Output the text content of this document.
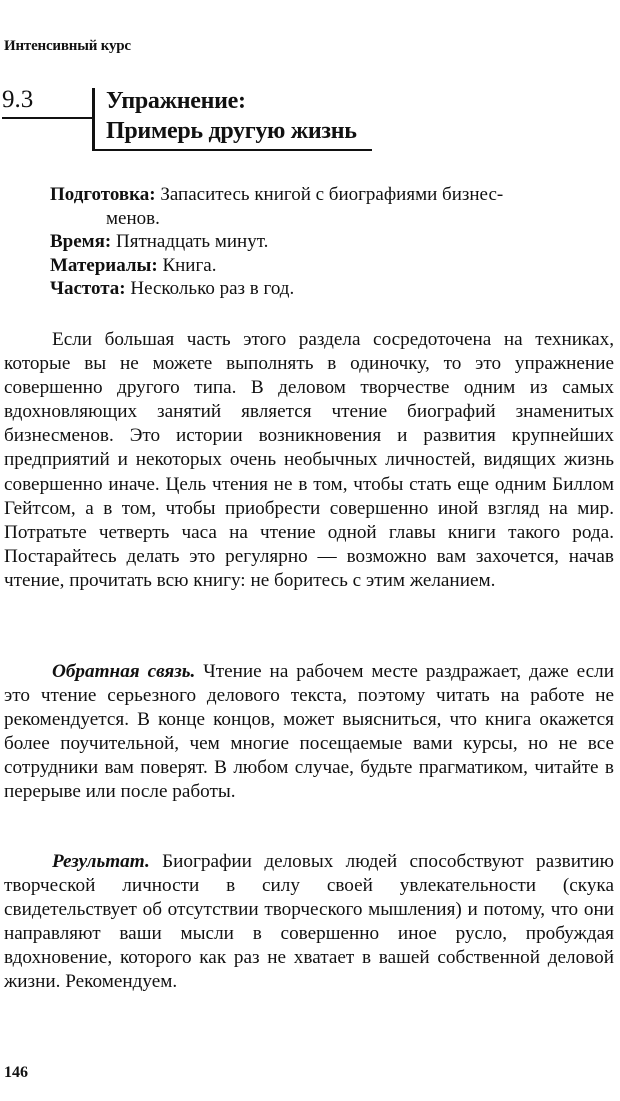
Интенсивный курс
9.3	Упражнение:
Примерь другую жизнь
Подготовка: Запаситесь книгой с биографиями бизнес-
менов.
Время: Пятнадцать минут.
Материалы: Книга.
Частота: Несколько раз в год.

Если большая часть этого раздела сосредоточена на техниках, которые вы не можете выполнять в одиночку, то это упражнение совершенно другого типа. В деловом творчестве одним из самых вдохновляющих занятий является чтение биографий знаменитых бизнесменов. Это истории возникновения и развития крупнейших предприятий и некоторых очень необычных личностей, видящих жизнь совершенно иначе. Цель чтения не в том, чтобы стать еще одним Биллом Гейтсом, а в том, чтобы приобрести совершенно иной взгляд на мир. Потратьте четверть часа на чтение одной главы книги такого рода. Постарайтесь делать это регулярно — возможно вам захочется, начав чтение, прочитать всю книгу: не боритесь с этим желанием.

Обратная связь. Чтение на рабочем месте раздражает, даже если это чтение серьезного делового текста, поэтому читать на работе не рекомендуется. В конце концов, может выясниться, что книга окажется более поучительной, чем многие посещаемые вами курсы, но не все сотрудники вам поверят. В любом случае, будьте прагматиком, читайте в перерыве или после работы.

Результат. Биографии деловых людей способствуют развитию творческой личности в силу своей увлекательности (скука свидетельствует об отсутствии творческого мышления) и потому, что они направляют ваши мысли в совершенно иное русло, пробуждая вдохновение, которого как раз не хватает в вашей собственной деловой жизни. Рекомендуем.

146
